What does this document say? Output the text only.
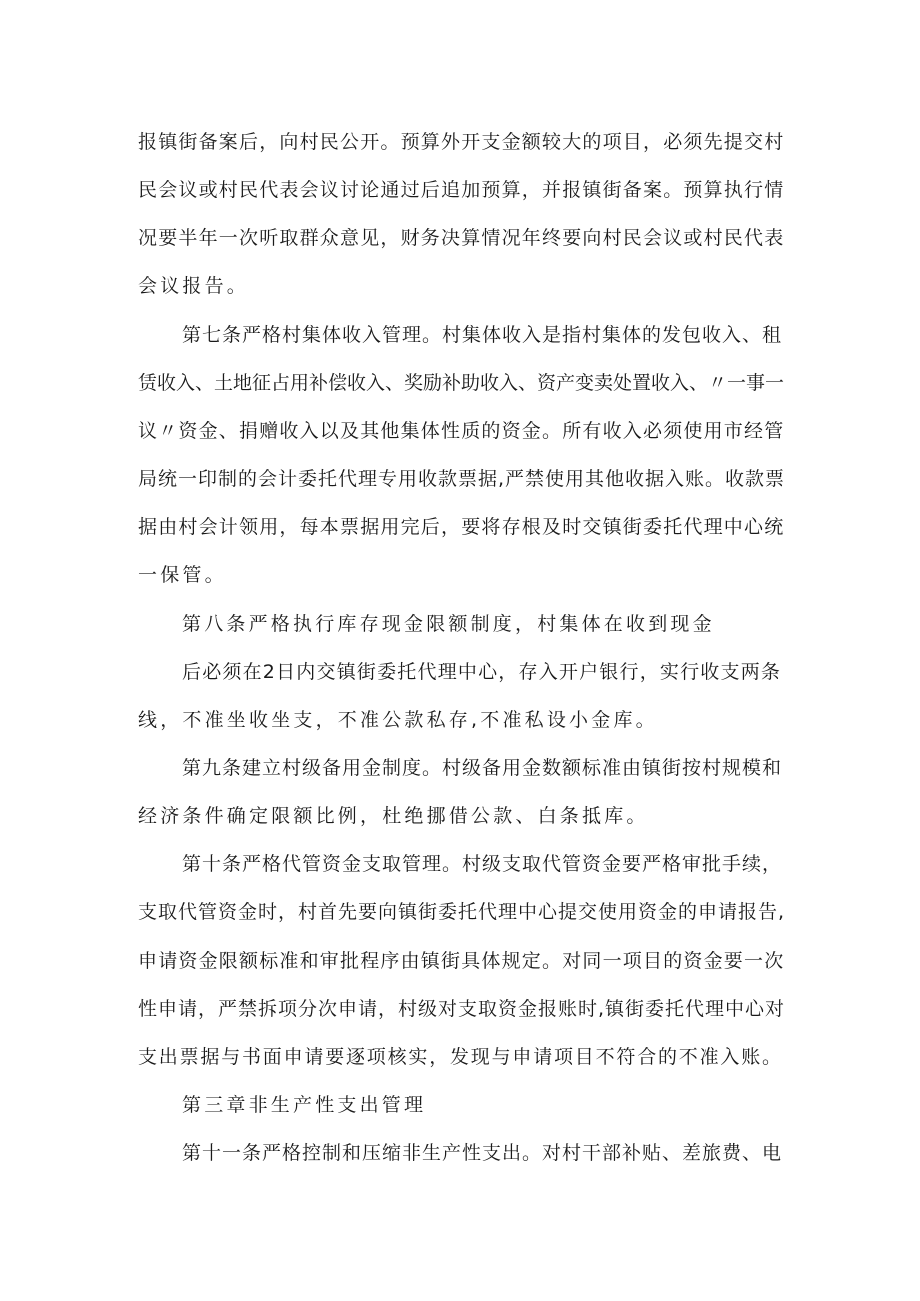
报镇街备案后，向村民公开。预算外开支金额较大的项目，必须先提交村
民会议或村民代表会议讨论通过后追加预算，并报镇街备案。预算执行情
况要半年一次听取群众意见，财务决算情况年终要向村民会议或村民代表
会议报告。
第七条严格村集体收入管理。村集体收入是指村集体的发包收入、租
赁收入、土地征占用补偿收入、奖励补助收入、资产变卖处置收入、〃一事一
议〃资金、捐赠收入以及其他集体性质的资金。所有收入必须使用市经管
局统一印制的会计委托代理专用收款票据,严禁使用其他收据入账。收款票
据由村会计领用，每本票据用完后，要将存根及时交镇街委托代理中心统
一保管。
第八条严格执行库存现金限额制度，村集体在收到现金
后必须在2日内交镇街委托代理中心，存入开户银行，实行收支两条
线，不准坐收坐支，不准公款私存,不准私设小金库。
第九条建立村级备用金制度。村级备用金数额标准由镇街按村规模和
经济条件确定限额比例，杜绝挪借公款、白条抵库。
第十条严格代管资金支取管理。村级支取代管资金要严格审批手续，
支取代管资金时，村首先要向镇街委托代理中心提交使用资金的申请报告,
申请资金限额标准和审批程序由镇街具体规定。对同一项目的资金要一次
性申请，严禁拆项分次申请，村级对支取资金报账时,镇街委托代理中心对
支出票据与书面申请要逐项核实，发现与申请项目不符合的不准入账。
第三章非生产性支出管理
第十一条严格控制和压缩非生产性支出。对村干部补贴、差旅费、电
